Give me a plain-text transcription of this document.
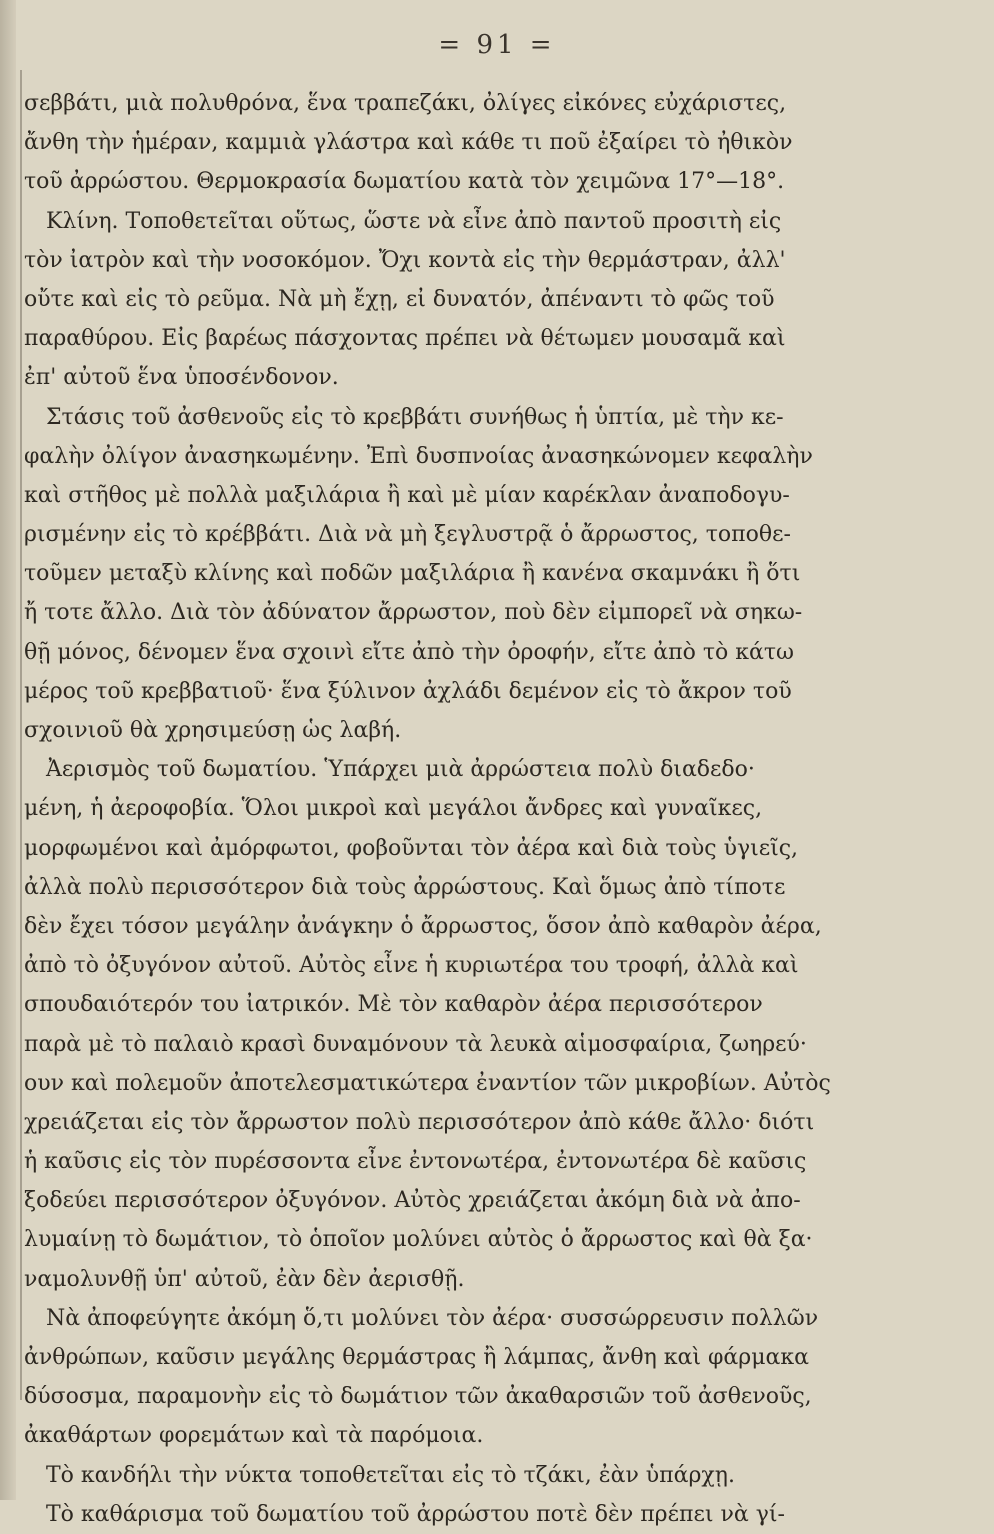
= 91 =
σεββάτι, μιὰ πολυθρόνα, ἕνα τραπεζάκι, ὀλίγες εἰκόνες εὐχάριστες,
ἄνθη τὴν ἡμέραν, καμμιὰ γλάστρα καὶ κάθε τι ποῦ ἐξαίρει τὸ ἠθικὸν
τοῦ ἀρρώστου. Θερμοκρασία δωματίου κατὰ τὸν χειμῶνα 17°—18°.
Κλίνη. Τοποθετεῖται οὕτως, ὥστε νὰ εἶνε ἀπὸ παντοῦ προσιτὴ εἰς
τὸν ἰατρὸν καὶ τὴν νοσοκόμον. Ὄχι κοντὰ εἰς τὴν θερμάστραν, ἀλλ'
οὔτε καὶ εἰς τὸ ρεῦμα. Νὰ μὴ ἔχῃ, εἰ δυνατόν, ἀπέναντι τὸ φῶς τοῦ
παραθύρου. Εἰς βαρέως πάσχοντας πρέπει νὰ θέτωμεν μουσαμᾶ καὶ
ἐπ' αὐτοῦ ἕνα ὑποσένδονον.
Στάσις τοῦ ἀσθενοῦς εἰς τὸ κρεββάτι συνήθως ἡ ὑπτία, μὲ τὴν κε-
φαλὴν ὀλίγον ἀνασηκωμένην. Ἐπὶ δυσπνοίας ἀνασηκώνομεν κεφαλὴν
καὶ στῆθος μὲ πολλὰ μαξιλάρια ἢ καὶ μὲ μίαν καρέκλαν ἀναποδογυ-
ρισμένην εἰς τὸ κρέββάτι. Διὰ νὰ μὴ ξεγλυστρᾷ ὁ ἄρρωστος, τοποθε-
τοῦμεν μεταξὺ κλίνης καὶ ποδῶν μαξιλάρια ἢ κανένα σκαμνάκι ἢ ὅτι
ἤ τοτε ἄλλο. Διὰ τὸν ἀδύνατον ἄρρωστον, ποὺ δὲν εἰμπορεῖ νὰ σηκω-
θῇ μόνος, δένομεν ἕνα σχοινὶ εἴτε ἀπὸ τὴν ὀροφήν, εἴτε ἀπὸ τὸ κάτω
μέρος τοῦ κρεββατιοῦ· ἕνα ξύλινον ἀχλάδι δεμένον εἰς τὸ ἄκρον τοῦ
σχοινιοῦ θὰ χρησιμεύσῃ ὡς λαβή.
Ἀερισμὸς τοῦ δωματίου. Ὑπάρχει μιὰ ἀρρώστεια πολὺ διαδεδο·
μένη, ἡ ἀεροφοβία. Ὅλοι μικροὶ καὶ μεγάλοι ἄνδρες καὶ γυναῖκες,
μορφωμένοι καὶ ἀμόρφωτοι, φοβοῦνται τὸν ἀέρα καὶ διὰ τοὺς ὑγιεῖς,
ἀλλὰ πολὺ περισσότερον διὰ τοὺς ἀρρώστους. Καὶ ὅμως ἀπὸ τίποτε
δὲν ἔχει τόσον μεγάλην ἀνάγκην ὁ ἄρρωστος, ὅσον ἀπὸ καθαρὸν ἀέρα,
ἀπὸ τὸ ὀξυγόνον αὐτοῦ. Αὐτὸς εἶνε ἡ κυριωτέρα του τροφή, ἀλλὰ καὶ
σπουδαιότερόν του ἰατρικόν. Μὲ τὸν καθαρὸν ἀέρα περισσότερον
παρὰ μὲ τὸ παλαιὸ κρασὶ δυναμόνουν τὰ λευκὰ αἱμοσφαίρια, ζωηρεύ·
ουν καὶ πολεμοῦν ἀποτελεσματικώτερα ἐναντίον τῶν μικροβίων. Αὐτὸς
χρειάζεται εἰς τὸν ἄρρωστον πολὺ περισσότερον ἀπὸ κάθε ἄλλο· διότι
ἡ καῦσις εἰς τὸν πυρέσσοντα εἶνε ἐντονωτέρα, ἐντονωτέρα δὲ καῦσις
ξοδεύει περισσότερον ὀξυγόνον. Αὐτὸς χρειάζεται ἀκόμη διὰ νὰ ἀπο-
λυμαίνῃ τὸ δωμάτιον, τὸ ὁποῖον μολύνει αὐτὸς ὁ ἄρρωστος καὶ θὰ ξα·
ναμολυνθῇ ὑπ' αὐτοῦ, ἐὰν δὲν ἀερισθῇ.
Νὰ ἀποφεύγητε ἀκόμη ὅ,τι μολύνει τὸν ἀέρα· συσσώρρευσιν πολλῶν
ἀνθρώπων, καῦσιν μεγάλης θερμάστρας ἢ λάμπας, ἄνθη καὶ φάρμακα
δύσοσμα, παραμονὴν εἰς τὸ δωμάτιον τῶν ἀκαθαρσιῶν τοῦ ἀσθενοῦς,
ἀκαθάρτων φορεμάτων καὶ τὰ παρόμοια.
Τὸ κανδήλι τὴν νύκτα τοποθετεῖται εἰς τὸ τζάκι, ἐὰν ὑπάρχῃ.
Τὸ καθάρισμα τοῦ δωματίου τοῦ ἀρρώστου ποτὲ δὲν πρέπει νὰ γί-
